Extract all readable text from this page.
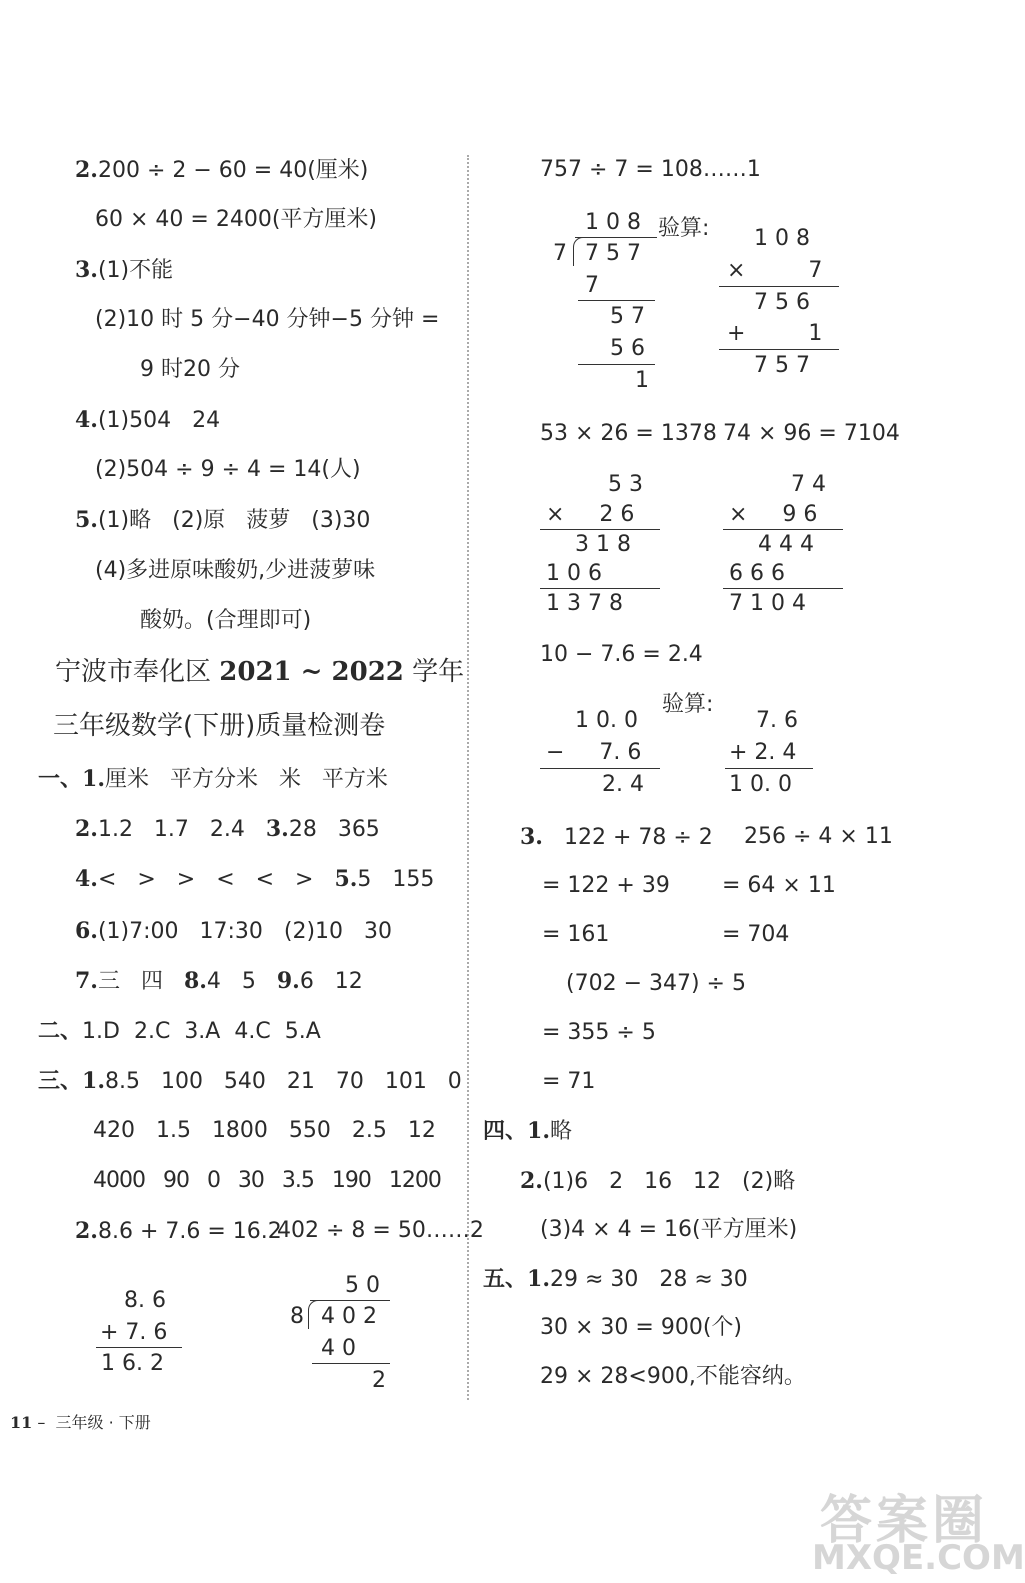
2.200 ÷ 2 − 60 = 40(厘米)
60 × 40 = 2400(平方厘米)
3.(1)不能
(2)10 时 5 分−40 分钟−5 分钟 =
9 时20 分
4.(1)504   24
(2)504 ÷ 9 ÷ 4 = 14(人)
5.(1)略   (2)原   菠萝   (3)30
(4)多进原味酸奶,少进菠萝味
酸奶。(合理即可)
宁波市奉化区 2021 ~ 2022 学年
三年级数学(下册)质量检测卷
一、1.厘米   平方分米   米   平方米
2.1.2   1.7   2.4   3.28   365
4.<   >   >   <   <   >   5.5   155
6.(1)7:00   17:30   (2)10   30
7.三   四   8.4   5   9.6   12
二、1.D 2.C 3.A 4.C 5.A
三、1.8.5   100   540   21   70   101   0
420   1.5   1800   550   2.5   12
4000   90   0   30   3.5   190   1200
2.8.6 + 7.6 = 16.2
402 ÷ 8 = 50……2
8. 6
+ 7. 6
1 6. 2
5 0
8 4 0 2
4 0
2
757 ÷ 7 = 108……1
1 0 8
7 7 5 7
7
5 7
5 6
1
验算: 1 0 8
×         7
7 5 6
+         1
7 5 7
53 × 26 = 1378 74 × 96 = 7104
5 3
×     2 6
3 1 8
1 0 6
1 3 7 8
7 4
×     9 6
4 4 4
6 6 6
7 1 0 4
10 − 7.6 = 2.4
验算:
1 0. 0
−     7. 6
2. 4
7. 6
+ 2. 4
1 0. 0
3. 122 + 78 ÷ 2 256 ÷ 4 × 11
= 122 + 39 = 64 × 11
= 161	= 704
(702 − 347) ÷ 5
= 355 ÷ 5
= 71
四、1.略
2.(1)6   2   16   12   (2)略
(3)4 × 4 = 16(平方厘米)
五、1.29 ≈ 30   28 ≈ 30
30 × 30 = 900(个)
29 × 28<900,不能容纳。
11 – 三年级 · 下册
答案圈
MXQE.COM
